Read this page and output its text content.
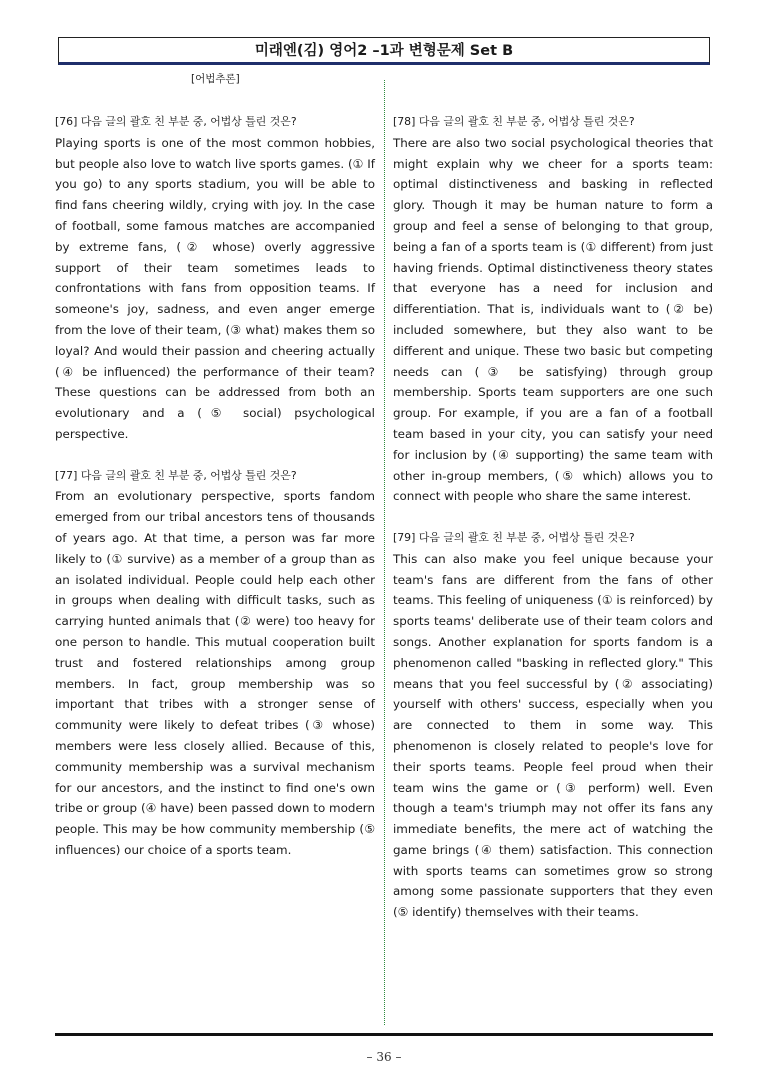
미래엔(김) 영어2 –1과 변형문제 Set B
[어법추론]

[76] 다음 글의 괄호 친 부분 중, 어법상 틀린 것은?

Playing sports is one of the most common hobbies, but people also love to watch live sports games. (① If you go) to any sports stadium, you will be able to find fans cheering wildly, crying with joy. In the case of football, some famous matches are accompanied by extreme fans, (② whose) overly aggressive support of their team sometimes leads to confrontations with fans from opposition teams. If someone's joy, sadness, and even anger emerge from the love of their team, (③ what) makes them so loyal? And would their passion and cheering actually (④ be influenced) the performance of their team? These questions can be addressed from both an evolutionary and a (⑤ social) psychological perspective.

[77] 다음 글의 괄호 친 부분 중, 어법상 틀린 것은?

From an evolutionary perspective, sports fandom emerged from our tribal ancestors tens of thousands of years ago. At that time, a person was far more likely to (① survive) as a member of a group than as an isolated individual. People could help each other in groups when dealing with difficult tasks, such as carrying hunted animals that (② were) too heavy for one person to handle. This mutual cooperation built trust and fostered relationships among group members. In fact, group membership was so important that tribes with a stronger sense of community were likely to defeat tribes (③ whose) members were less closely allied. Because of this, community membership was a survival mechanism for our ancestors, and the instinct to find one's own tribe or group (④ have) been passed down to modern people. This may be how community membership (⑤ influences) our choice of a sports team.

[78] 다음 글의 괄호 친 부분 중, 어법상 틀린 것은?

There are also two social psychological theories that might explain why we cheer for a sports team: optimal distinctiveness and basking in reflected glory. Though it may be human nature to form a group and feel a sense of belonging to that group, being a fan of a sports team is (① different) from just having friends. Optimal distinctiveness theory states that everyone has a need for inclusion and differentiation. That is, individuals want to (② be) included somewhere, but they also want to be different and unique. These two basic but competing needs can (③ be satisfying) through group membership. Sports team supporters are one such group. For example, if you are a fan of a football team based in your city, you can satisfy your need for inclusion by (④ supporting) the same team with other in-group members, (⑤ which) allows you to connect with people who share the same interest.

[79] 다음 글의 괄호 친 부분 중, 어법상 틀린 것은?

This can also make you feel unique because your team's fans are different from the fans of other teams. This feeling of uniqueness (① is reinforced) by sports teams' deliberate use of their team colors and songs. Another explanation for sports fandom is a phenomenon called "basking in reflected glory." This means that you feel successful by (② associating) yourself with others' success, especially when you are connected to them in some way. This phenomenon is closely related to people's love for their sports teams. People feel proud when their team wins the game or (③ perform) well. Even though a team's triumph may not offer its fans any immediate benefits, the mere act of watching the game brings (④ them) satisfaction. This connection with sports teams can sometimes grow so strong among some passionate supporters that they even (⑤ identify) themselves with their teams.

– 36 –
